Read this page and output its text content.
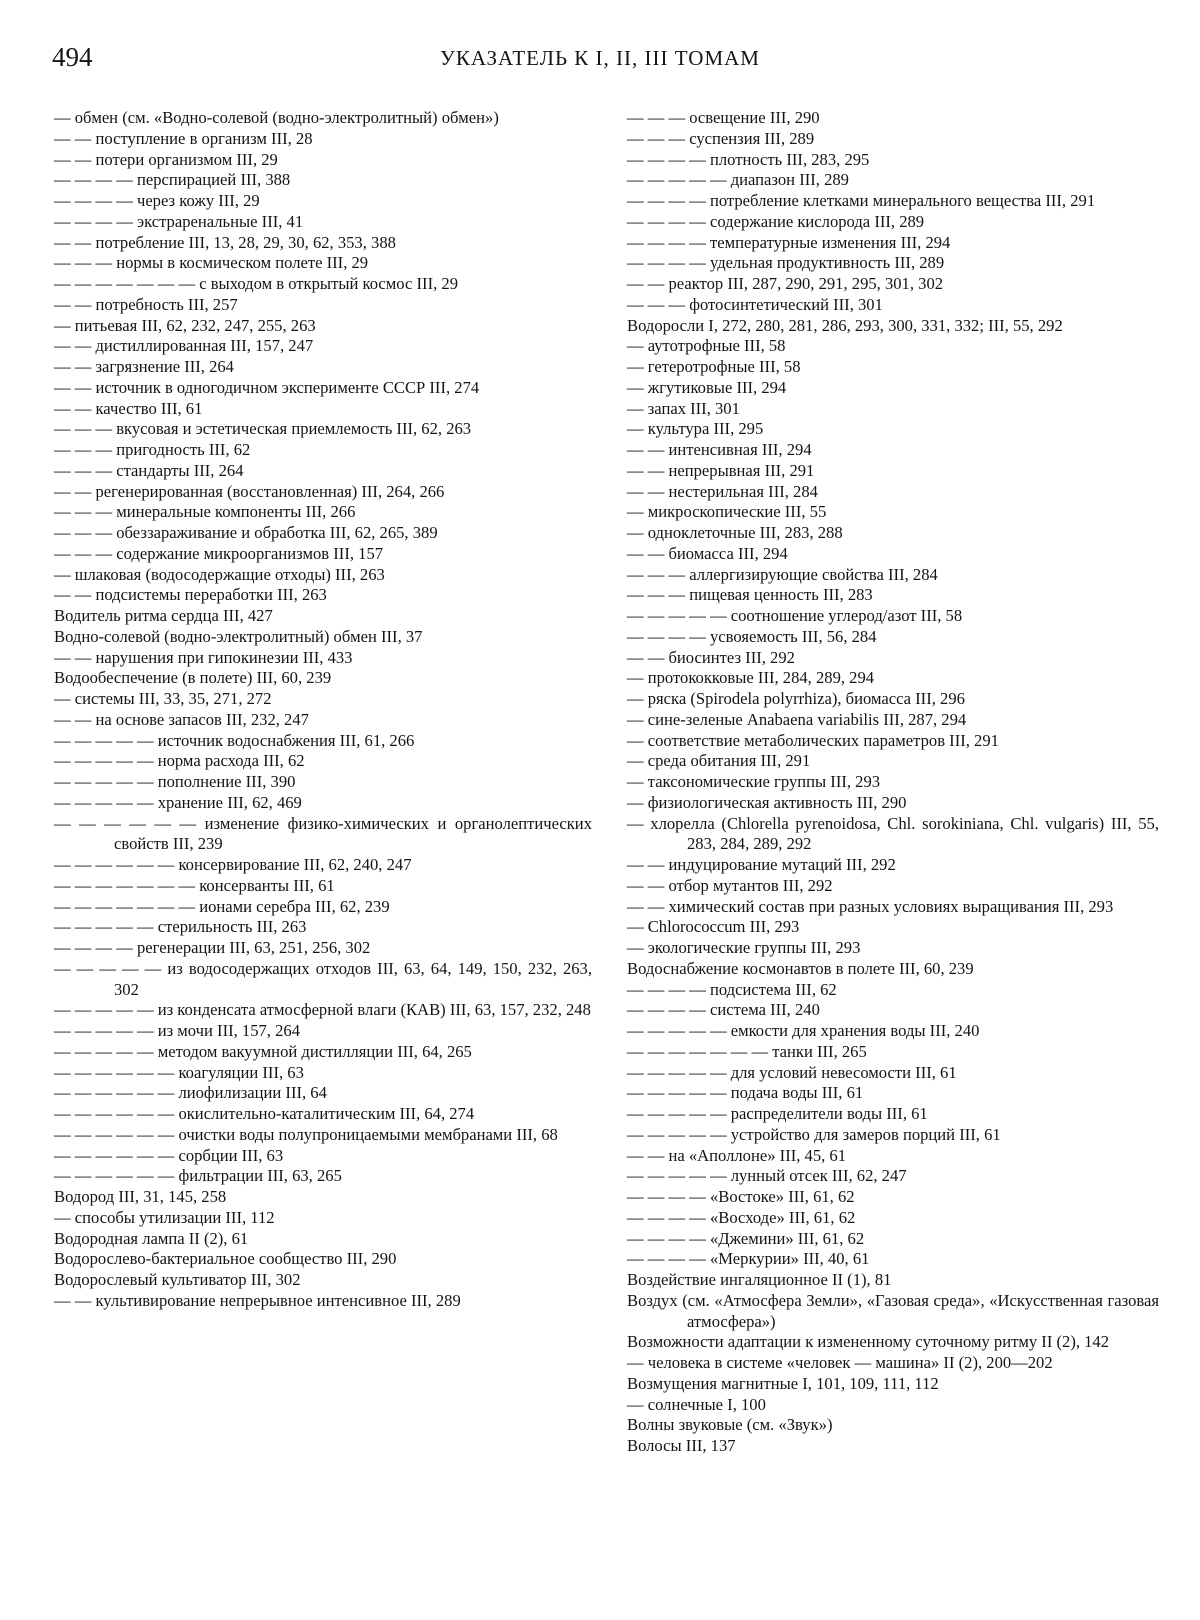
494	УКАЗАТЕЛЬ К I, II, III ТОМАМ

— обмен (см. «Водно-солевой (водно-электролитный) обмен»)

— — поступление в организм III, 28

— — потери организмом III, 29

— — — — перспирацией III, 388

— — — — через кожу III, 29

— — — — экстраренальные III, 41

— — потребление III, 13, 28, 29, 30, 62, 353, 388

— — — нормы в космическом полете III, 29

— — — — — — — с выходом в открытый космос III, 29

— — потребность III, 257

— питьевая III, 62, 232, 247, 255, 263

— — дистиллированная III, 157, 247

— — загрязнение III, 264

— — источник в одногодичном эксперименте СССР III, 274

— — качество III, 61

— — — вкусовая и эстетическая приемлемость III, 62, 263

— — — пригодность III, 62

— — — стандарты III, 264

— — регенерированная (восстановленная) III, 264, 266

— — — минеральные компоненты III, 266

— — — обеззараживание и обработка III, 62, 265, 389

— — — содержание микроорганизмов III, 157

— шлаковая (водосодержащие отходы) III, 263

— — подсистемы переработки III, 263

Водитель ритма сердца III, 427

Водно-солевой (водно-электролитный) обмен III, 37

— — нарушения при гипокинезии III, 433

Водообеспечение (в полете) III, 60, 239

— системы III, 33, 35, 271, 272

— — на основе запасов III, 232, 247

— — — — — источник водоснабжения III, 61, 266

— — — — — норма расхода III, 62

— — — — — пополнение III, 390

— — — — — хранение III, 62, 469

— — — — — — изменение физико-химических и органолептических свойств III, 239

— — — — — — консервирование III, 62, 240, 247

— — — — — — — консерванты III, 61

— — — — — — — ионами серебра III, 62, 239

— — — — — стерильность III, 263

— — — — регенерации III, 63, 251, 256, 302

— — — — — из водосодержащих отходов III, 63, 64, 149, 150, 232, 263, 302

— — — — — из конденсата атмосферной влаги (КАВ) III, 63, 157, 232, 248

— — — — — из мочи III, 157, 264

— — — — — методом вакуумной дистилляции III, 64, 265

— — — — — — коагуляции III, 63

— — — — — — лиофилизации III, 64

— — — — — — окислительно-каталитическим III, 64, 274

— — — — — — очистки воды полупроницаемыми мембранами III, 68

— — — — — — сорбции III, 63

— — — — — — фильтрации III, 63, 265

Водород III, 31, 145, 258

— способы утилизации III, 112

Водородная лампа II (2), 61

Водорослево-бактериальное сообщество III, 290

Водорослевый культиватор III, 302

— — культивирование непрерывное интенсивное III, 289

— — — освещение III, 290

— — — суспензия III, 289

— — — — плотность III, 283, 295

— — — — — диапазон III, 289

— — — — потребление клетками минерального вещества III, 291

— — — — содержание кислорода III, 289

— — — — температурные изменения III, 294

— — — — удельная продуктивность III, 289

— — реактор III, 287, 290, 291, 295, 301, 302

— — — фотосинтетический III, 301

Водоросли I, 272, 280, 281, 286, 293, 300, 331, 332; III, 55, 292

— аутотрофные III, 58

— гетеротрофные III, 58

— жгутиковые III, 294

— запах III, 301

— культура III, 295

— — интенсивная III, 294

— — непрерывная III, 291

— — нестерильная III, 284

— микроскопические III, 55

— одноклеточные III, 283, 288

— — биомасса III, 294

— — — аллергизирующие свойства III, 284

— — — пищевая ценность III, 283

— — — — — соотношение углерод/азот III, 58

— — — — усвояемость III, 56, 284

— — биосинтез III, 292

— протококковые III, 284, 289, 294

— ряска (Spirodela polyrrhiza), биомасса III, 296

— сине-зеленые Anabaena variabilis III, 287, 294

— соответствие метаболических параметров III, 291

— среда обитания III, 291

— таксономические группы III, 293

— физиологическая активность III, 290

— хлорелла (Chlorella pyrenoidosa, Chl. sorokiniana, Chl. vulgaris) III, 55, 283, 284, 289, 292

— — индуцирование мутаций III, 292

— — отбор мутантов III, 292

— — химический состав при разных условиях выращивания III, 293

— Chlorococcum III, 293

— экологические группы III, 293

Водоснабжение космонавтов в полете III, 60, 239

— — — — подсистема III, 62

— — — — система III, 240

— — — — — емкости для хранения воды III, 240

— — — — — — — танки III, 265

— — — — — для условий невесомости III, 61

— — — — — подача воды III, 61

— — — — — распределители воды III, 61

— — — — — устройство для замеров порций III, 61

— — на «Аполлоне» III, 45, 61

— — — — — лунный отсек III, 62, 247

— — — — «Востоке» III, 61, 62

— — — — «Восходе» III, 61, 62

— — — — «Джемини» III, 61, 62

— — — — «Меркурии» III, 40, 61

Воздействие ингаляционное II (1), 81

Воздух (см. «Атмосфера Земли», «Газовая среда», «Искусственная газовая атмосфера»)

Возможности адаптации к измененному суточному ритму II (2), 142

— человека в системе «человек — машина» II (2), 200—202

Возмущения магнитные I, 101, 109, 111, 112

— солнечные I, 100

Волны звуковые (см. «Звук»)

Волосы III, 137
